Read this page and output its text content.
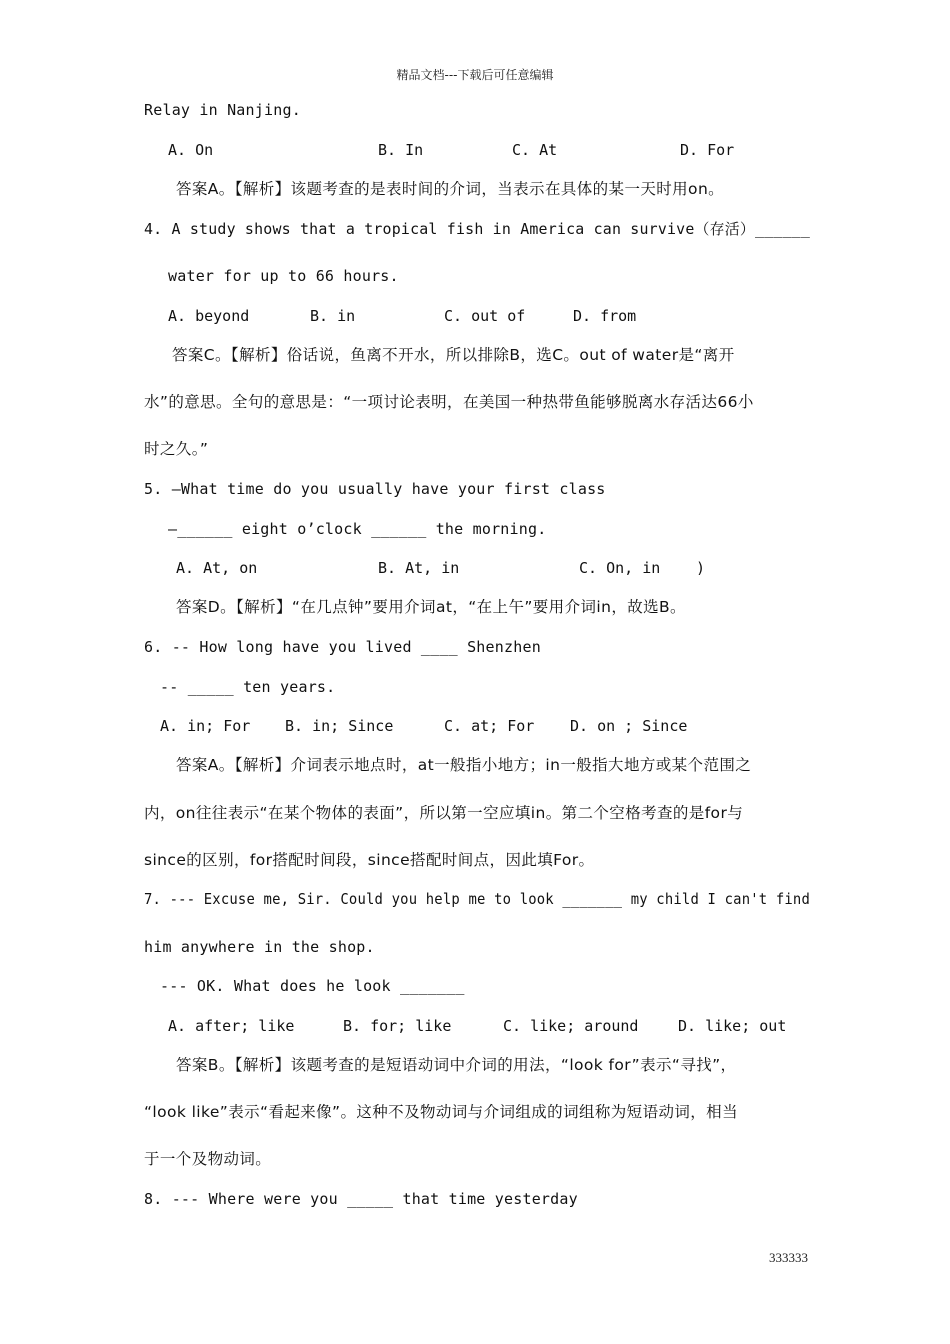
精品文档---下载后可任意编辑
Relay in Nanjing.
A. On	B. In	C. At	D. For
答案A。【解析】该题考查的是表时间的介词，当表示在具体的某一天时用on。
4. A study shows that a tropical fish in America can survive（存活）______
water for up to 66 hours.
A. beyond	B. in	C. out of	D. from
答案C。【解析】俗话说，鱼离不开水，所以排除B，选C。out of water是“离开
水”的意思。全句的意思是：“一项讨论表明，在美国一种热带鱼能够脱离水存活达66小
时之久。”
5. —What time do you usually have your first class
—______ eight o’clock ______ the morning.
A. At, on	B. At, in	C. On, in )
答案D。【解析】“在几点钟”要用介词at，“在上午”要用介词in，故选B。
6. -- How long have you lived ____ Shenzhen
-- _____ ten years.
A. in; For B. in; Since	C. at; For D. on ; Since
答案A。【解析】介词表示地点时，at一般指小地方；in一般指大地方或某个范围之
内，on往往表示“在某个物体的表面”，所以第一空应填in。第二个空格考查的是for与
since的区别，for搭配时间段，since搭配时间点，因此填For。
7. --- Excuse me, Sir. Could you help me to look _______ my child I can't find
him anywhere in the shop.
--- OK. What does he look _______
A. after; like	B. for; like	C. like; around	D. like; out
答案B。【解析】该题考查的是短语动词中介词的用法，“look for”表示“寻找”，
“look like”表示“看起来像”。这种不及物动词与介词组成的词组称为短语动词，相当
于一个及物动词。
8. --- Where were you _____ that time yesterday
333333
